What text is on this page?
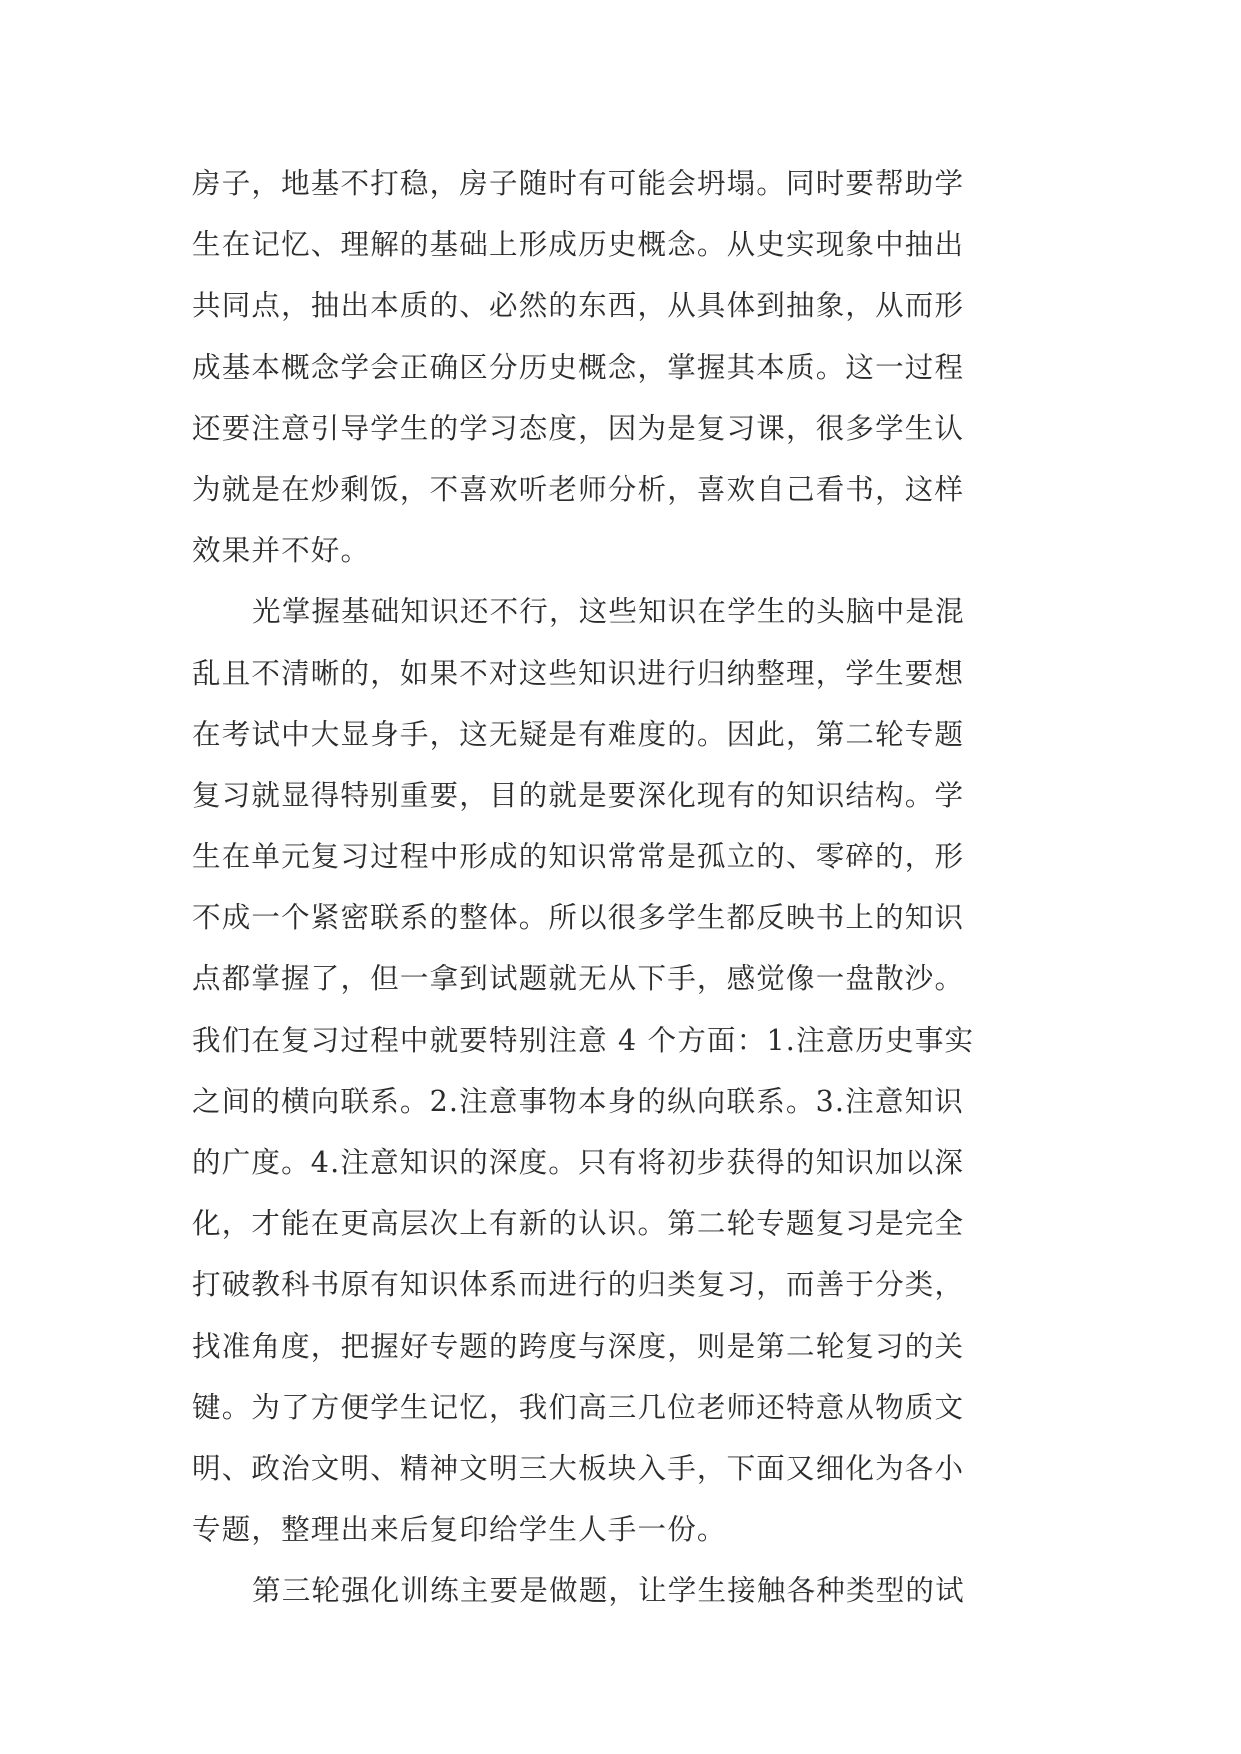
房子，地基不打稳，房子随时有可能会坍塌。同时要帮助学
生在记忆、理解的基础上形成历史概念。从史实现象中抽出
共同点，抽出本质的、必然的东西，从具体到抽象，从而形
成基本概念学会正确区分历史概念，掌握其本质。这一过程
还要注意引导学生的学习态度，因为是复习课，很多学生认
为就是在炒剩饭，不喜欢听老师分析，喜欢自己看书，这样
效果并不好。
光掌握基础知识还不行，这些知识在学生的头脑中是混
乱且不清晰的，如果不对这些知识进行归纳整理，学生要想
在考试中大显身手，这无疑是有难度的。因此，第二轮专题
复习就显得特别重要，目的就是要深化现有的知识结构。学
生在单元复习过程中形成的知识常常是孤立的、零碎的，形
不成一个紧密联系的整体。所以很多学生都反映书上的知识
点都掌握了，但一拿到试题就无从下手，感觉像一盘散沙。
我们在复习过程中就要特别注意 4 个方面：1.注意历史事实
之间的横向联系。2.注意事物本身的纵向联系。3.注意知识
的广度。4.注意知识的深度。只有将初步获得的知识加以深
化，才能在更高层次上有新的认识。第二轮专题复习是完全
打破教科书原有知识体系而进行的归类复习，而善于分类，
找准角度，把握好专题的跨度与深度，则是第二轮复习的关
键。为了方便学生记忆，我们高三几位老师还特意从物质文
明、政治文明、精神文明三大板块入手，下面又细化为各小
专题，整理出来后复印给学生人手一份。
第三轮强化训练主要是做题，让学生接触各种类型的试
